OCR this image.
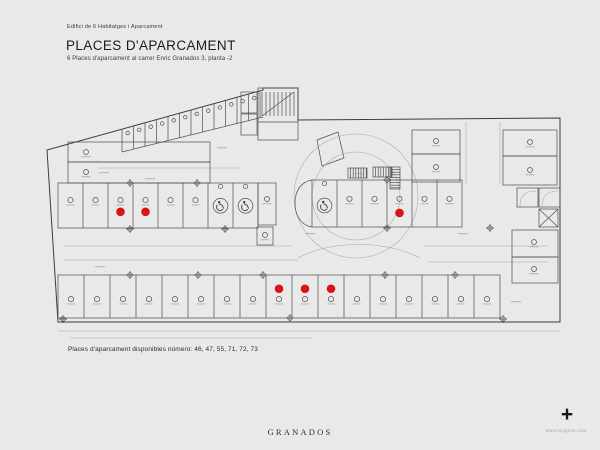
Edifici de 6 Habitatges i Aparcament
PLACES D'APARCAMENT
6 Places d'aparcament al carrer Enric Granados 3, planta -2
Places d'aparcament disponibles número: 46, 47, 55, 71, 72, 73
GRANADOS
+
www.mcpplus.com
